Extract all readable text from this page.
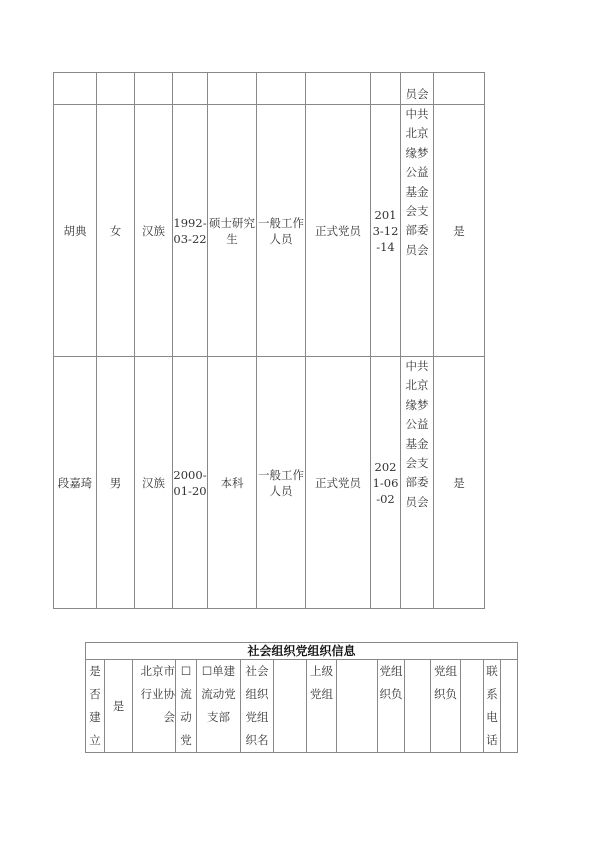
								员会	
胡典	女	汉族	1992-03-22	硕士研究生	一般工作人员	正式党员	2013-12-14	中共北京缘梦公益基金会支部委员会	是
段嘉琦	男	汉族	2000-01-20	本科	一般工作人员	正式党员	2021-06-02	中共北京缘梦公益基金会支部委员会	是
社会组织党组织信息
是否建立	是	北京市行业协会	☐流动党	☐单建流动党支部	社会组织党组织名		上级党组		党组织负		党组织负		联系电话	
